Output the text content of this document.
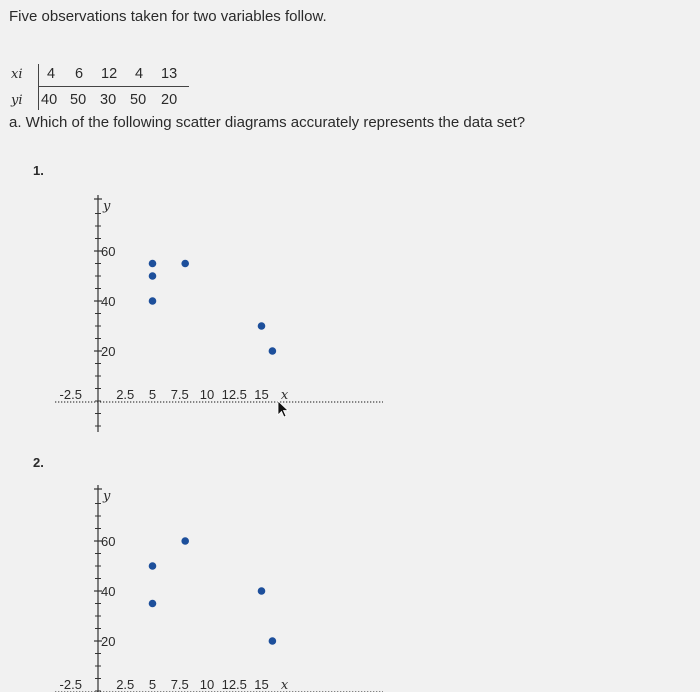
Five observations taken for two variables follow.
xi 4 6 12 4 13
yi 40 50 30 50 20
a. Which of the following scatter diagrams accurately represents the data set?
1.
2.
y
20
40
60
-2.5	2.5 5 7.5 10 12.5 15 x
y
20
40
60
-2.5	2.5 5 7.5 10 12.5 15 x
